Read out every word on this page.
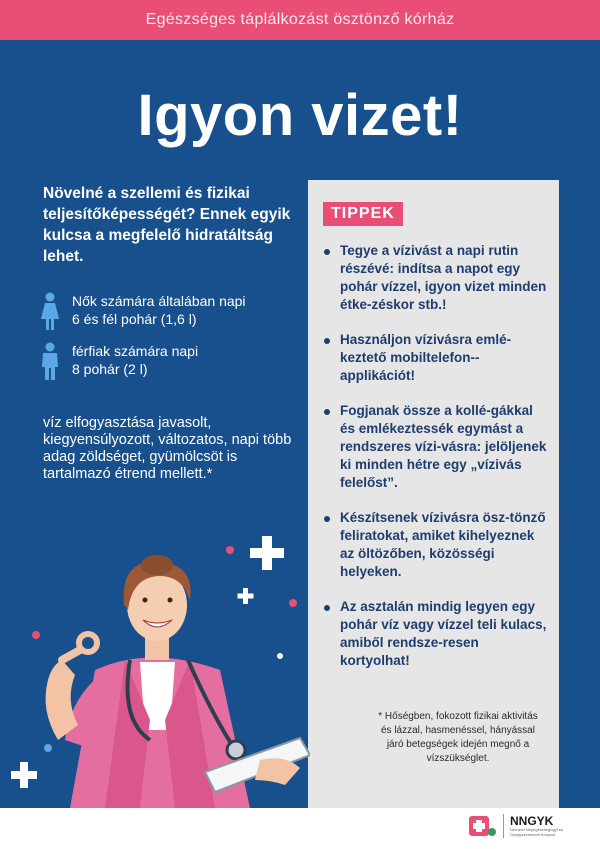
Egészséges táplálkozást ösztönző kórház
Igyon vizet!

Növelné a szellemi és fizikai teljesítőképességét? Ennek egyik kulcsa a megfelelő hidratáltság lehet.

Nők számára általában napi
6 és fél pohár (1,6 l)
férfiak számára napi
8 pohár (2 l)

víz elfogyasztása javasolt, kiegyensúlyozott, változatos, napi több adag zöldséget, gyümölcsöt is tartalmazó étrend mellett.*

TIPPEK
Tegye a vízivást a napi rutin részévé: indítsa a napot egy pohár vízzel, igyon vizet minden étke-zéskor stb.!
Használjon vízivásra emlé-keztető mobiltelefon--applikációt!
Fogjanak össze a kollé-gákkal és emlékeztessék egymást a rendszeres vízi-vásra: jelöljenek ki minden hétre egy „vízivás felelőst”.
Készítsenek vízivásra ösz-tönző feliratokat, amiket kihelyeznek az öltözőben, közösségi helyeken.
Az asztalán mindig legyen egy pohár víz vagy vízzel teli kulacs, amiből rendsze-resen kortyolhat!

* Hőségben, fokozott fizikai aktivitás és lázzal, hasmenéssel, hányással járó betegségek idején megnő a vízszükséglet.

NNGYK
Nemzeti Népegészségügyi és Gyógyszerészeti Központ
